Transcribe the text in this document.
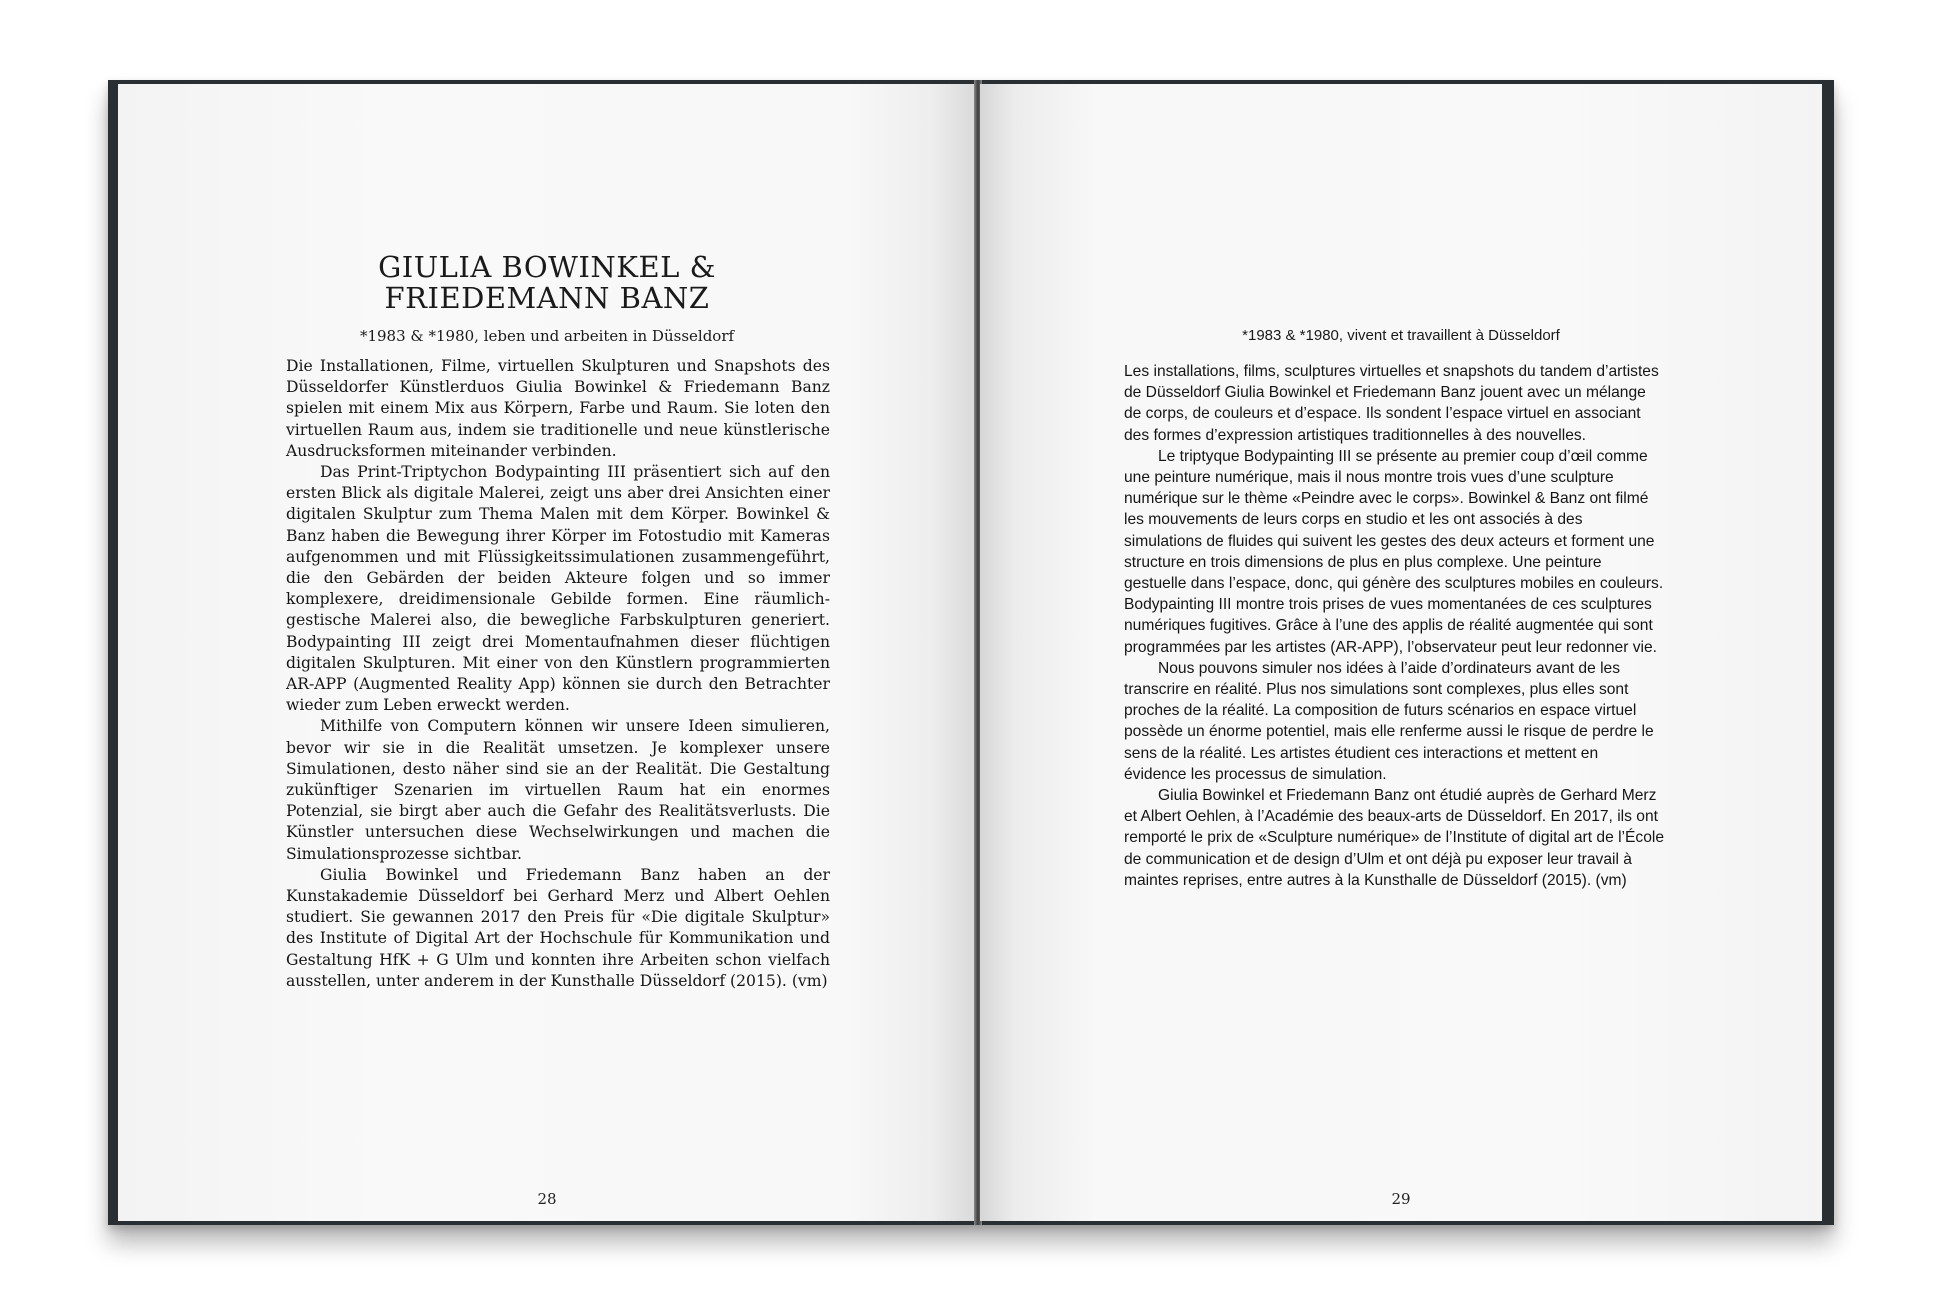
GIULIA BOWINKEL &
FRIEDEMANN BANZ
*1983 & *1980, leben und arbeiten in Düsseldorf

Die Installationen, Filme, virtuellen Skulpturen und Snapshots des Düsseldorfer Künstlerduos Giulia Bowinkel & Friedemann Banz spielen mit einem Mix aus Körpern, Farbe und Raum. Sie loten den virtuellen Raum aus, indem sie traditionelle und neue künstlerische Ausdrucksformen miteinander verbinden.

Das Print-Triptychon Bodypainting III präsentiert sich auf den ersten Blick als digitale Malerei, zeigt uns aber drei Ansichten einer digitalen Skulptur zum Thema Malen mit dem Körper. Bowinkel & Banz haben die Bewegung ihrer Körper im Fotostudio mit Kameras aufgenommen und mit Flüssigkeitssimulationen zusammengeführt, die den Gebärden der beiden Akteure folgen und so immer komplexere, dreidimensionale Gebilde formen. Eine räumlich-gestische Malerei also, die bewegliche Farbskulpturen generiert. Bodypainting III zeigt drei Momentaufnahmen dieser flüchtigen digitalen Skulpturen. Mit einer von den Künstlern programmierten AR-APP (Augmented Reality App) können sie durch den Betrachter wieder zum Leben erweckt werden.

Mithilfe von Computern können wir unsere Ideen simulieren, bevor wir sie in die Realität umsetzen. Je komplexer unsere Simulationen, desto näher sind sie an der Realität. Die Gestaltung zukünftiger Szenarien im virtuellen Raum hat ein enormes Potenzial, sie birgt aber auch die Gefahr des Realitätsverlusts. Die Künstler untersuchen diese Wechselwirkungen und machen die Simulationsprozesse sichtbar.

Giulia Bowinkel und Friedemann Banz haben an der Kunstakademie Düsseldorf bei Gerhard Merz und Albert Oehlen studiert. Sie gewannen 2017 den Preis für «Die digitale Skulptur» des Institute of Digital Art der Hochschule für Kommunikation und Gestaltung HfK + G Ulm und konnten ihre Arbeiten schon vielfach ausstellen, unter anderem in der Kunsthalle Düsseldorf (2015). (vm)

28
*1983 & *1980, vivent et travaillent à Düsseldorf

Les installations, films, sculptures virtuelles et snapshots du tandem d’artistes de Düsseldorf Giulia Bowinkel et Friedemann Banz jouent avec un mélange de corps, de couleurs et d’espace. Ils sondent l’espace virtuel en associant des formes d’expression artistiques traditionnelles à des nouvelles.

Le triptyque Bodypainting III se présente au premier coup d’œil comme une peinture numérique, mais il nous montre trois vues d’une sculpture numérique sur le thème «Peindre avec le corps». Bowinkel & Banz ont filmé les mouvements de leurs corps en studio et les ont associés à des simulations de fluides qui suivent les gestes des deux acteurs et forment une structure en trois dimensions de plus en plus complexe. Une peinture gestuelle dans l’espace, donc, qui génère des sculptures mobiles en couleurs. Bodypainting III montre trois prises de vues momentanées de ces sculptures numériques fugitives. Grâce à l’une des applis de réalité augmentée qui sont programmées par les artistes (AR-APP), l’observateur peut leur redonner vie.

Nous pouvons simuler nos idées à l’aide d’ordinateurs avant de les transcrire en réalité. Plus nos simulations sont complexes, plus elles sont proches de la réalité. La composition de futurs scénarios en espace virtuel possède un énorme potentiel, mais elle renferme aussi le risque de perdre le sens de la réalité. Les artistes étudient ces interactions et mettent en évidence les processus de simulation.

Giulia Bowinkel et Friedemann Banz ont étudié auprès de Gerhard Merz et Albert Oehlen, à l’Académie des beaux-arts de Düsseldorf. En 2017, ils ont remporté le prix de «Sculpture numérique» de l’Institute of digital art de l’École de communication et de design d’Ulm et ont déjà pu exposer leur travail à maintes reprises, entre autres à la Kunsthalle de Düsseldorf (2015). (vm)

29
